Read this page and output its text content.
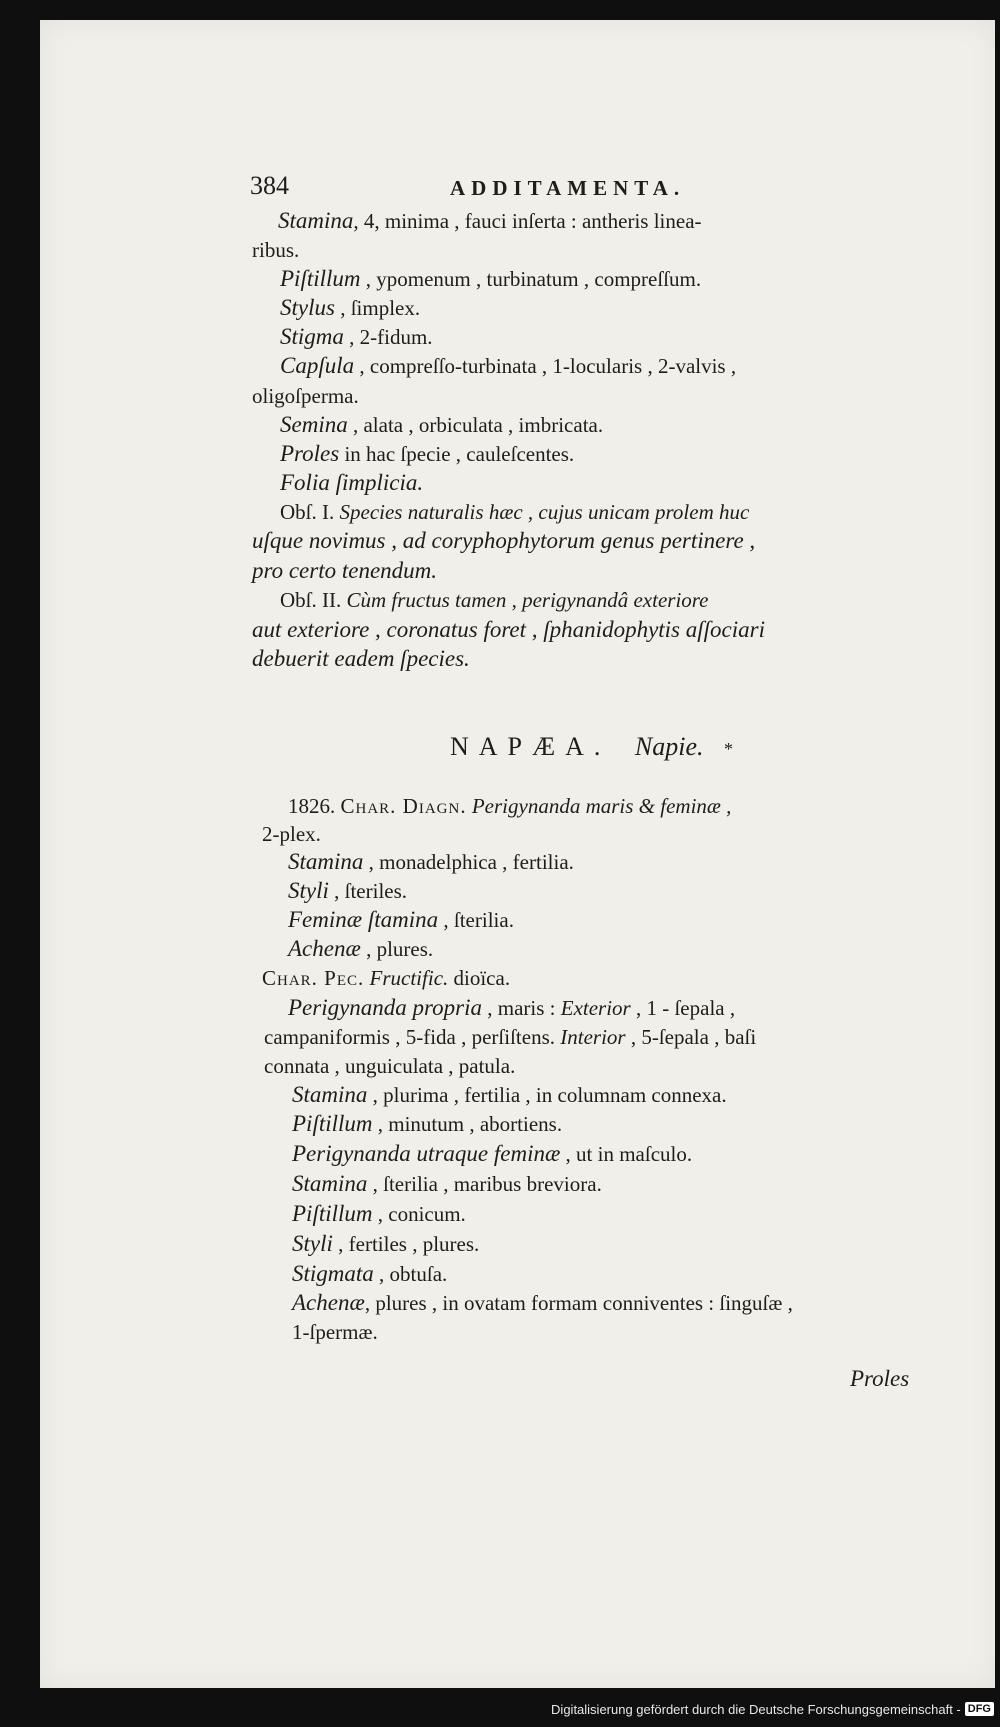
384	ADDITAMENTA.
Stamina, 4, minima , fauci inſerta : antheris linea-
ribus.
Piſtillum , ypomenum , turbinatum , compreſſum.
Stylus , ſimplex.
Stigma , 2-fidum.
Capſula , compreſſo-turbinata , 1-locularis , 2-valvis ,
oligoſperma.
Semina , alata , orbiculata , imbricata.
Proles in hac ſpecie , cauleſcentes.
Folia ſimplicia.
Obſ. I. Species naturalis hæc , cujus unicam prolem huc
uſque novimus , ad coryphophytorum genus pertinere ,
pro certo tenendum.
Obſ. II. Cùm fructus tamen , perigynandâ exteriore
aut exteriore , coronatus foret , ſphanidophytis aſſociari
debuerit eadem ſpecies.
NAPÆA. Napie. *
1826. Char. Diagn. Perigynanda maris & feminæ ,
2-plex.
Stamina , monadelphica , fertilia.
Styli , ſteriles.
Feminæ ſtamina , ſterilia.
Achenæ , plures.
Char. Pec. Fructific. dioïca.
Perigynanda propria , maris : Exterior , 1 - ſepala ,
campaniformis , 5-fida , perſiſtens. Interior , 5-ſepala , baſi
connata , unguiculata , patula.
Stamina , plurima , fertilia , in columnam connexa.
Piſtillum , minutum , abortiens.
Perigynanda utraque feminæ , ut in maſculo.
Stamina , ſterilia , maribus breviora.
Piſtillum , conicum.
Styli , fertiles , plures.
Stigmata , obtuſa.
Achenæ, plures , in ovatam formam conniventes : ſinguſæ ,
1-ſpermæ.
Proles
Digitalisierung gefördert durch die Deutsche Forschungsgemeinschaft - DFG
